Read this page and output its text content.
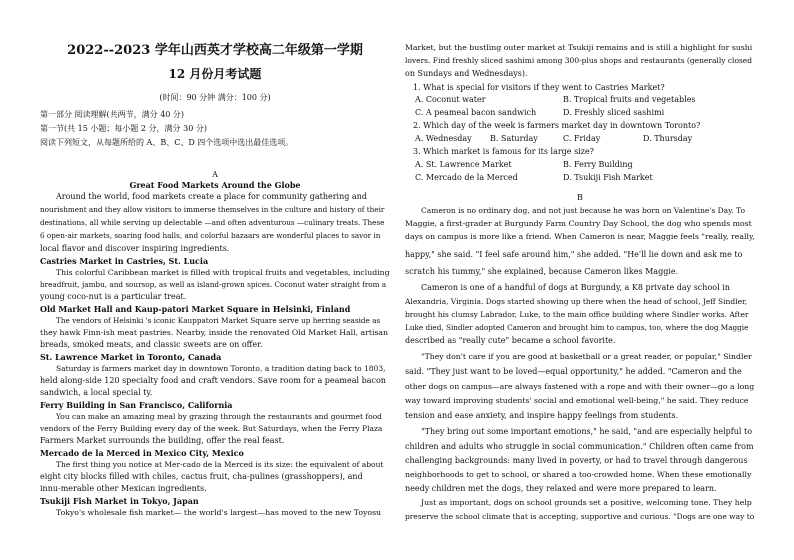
2022--2023 学年山西英才学校高二年级第一学期
12 月份月考试题
(时间：90 分钟 满分：100 分)
第一部分 阅读理解(共两节，满分 40 分)
第一节(共 15 小题；每小题 2 分，满分 30 分)
阅读下列短文，从每题所给的 A、B、C、D 四个选项中选出最佳选项。
A
Great Food Markets Around the Globe
Around the world, food markets create a place for community gathering and
nourishment and they allow visitors to immerse themselves in the culture and history of their
destinations, all while serving up delectable —and often adventurous —culinary treats. These
6 open-air markets, soaring food halls, and colorful bazaars are wonderful places to savor in
local flavor and discover inspiring ingredients.
Castries Market in Castries, St. Lucia
This colorful Caribbean market is filled with tropical fruits and vegetables, including
breadfruit, jambu, and soursop, as well as island-grown spices. Coconut water straight from a
young coco-nut is a particular treat.
Old Market Hall and Kaup-patori Market Square in Helsinki, Finland
The vendors of Helsinki 's iconic Kauppatori Market Square serve up herring seaside as
they hawk Finn-ish meat pastries. Nearby, inside the renovated Old Market Hall, artisan
breads, smoked meats, and classic sweets are on offer.
St. Lawrence Market in Toronto, Canada
Saturday is farmers market day in downtown Toronto, a tradition dating back to 1803,
held along-side 120 specialty food and craft vendors. Save room for a peameal bacon
sandwich, a local special ty.
Ferry Building in San Francisco, California
You can make an amazing meal by grazing through the restaurants and gourmet food
vendors of the Ferry Building every day of the week. But Saturdays, when the Ferry Plaza
Farmers Market surrounds the building, offer the real feast.
Mercado de la Merced in Mexico City, Mexico
The first thing you notice at Mer-cado de la Merced is its size: the equivalent of about
eight city blocks filled with chiles, cactus fruit, cha-pulines (grasshoppers), and
innu-merable other Mexican ingredients.
Tsukiji Fish Market in Tokyo, Japan
Tokyo's wholesale fish market— the world's largest—has moved to the new Toyosu
Market, but the bustling outer market at Tsukiji remains and is still a highlight for sushi
lovers. Find freshly sliced sashimi among 300-plus shops and restaurants (generally closed
on Sundays and Wednesdays).
1. What is special for visitors if they went to Castries Market?
A. Coconut water	B. Tropical fruits and vegetables
C. A peameal bacon sandwich	D. Freshly sliced sashimi
2. Which day of the week is farmers market day in downtown Toronto?
A. Wednesday B. Saturday	C. Friday	D. Thursday
3. Which market is famous for its large size?
A. St. Lawrence Market	B. Ferry Building
C. Mercado de la Merced	D. Tsukiji Fish Market
B
Cameron is no ordinary dog, and not just because he was born on Valentine's Day. To
Maggie, a first-grader at Burgundy Farm Country Day School, the dog who spends most
days on campus is more like a friend. When Cameron is near, Maggie feels "really, really,
happy," she said. "I feel safe around him," she added. "He'll lie down and ask me to
scratch his tummy," she explained, because Cameron likes Maggie.
Cameron is one of a handful of dogs at Burgundy, a K8 private day school in
Alexandria, Virginia. Dogs started showing up there when the head of school, Jeff Sindler,
brought his clumsy Labrador, Luke, to the main office building where Sindler works. After
Luke died, Sindler adopted Cameron and brought him to campus, too, where the dog Maggie
described as "really cute" became a school favorite.
"They don't care if you are good at basketball or a great reader, or popular," Sindler
said. "They just want to be loved—equal opportunity," he added. "Cameron and the
other dogs on campus—are always fastened with a rope and with their owner—go a long
way toward improving students' social and emotional well-being," he said. They reduce
tension and ease anxiety, and inspire happy feelings from students.
"They bring out some important emotions," he said, "and are especially helpful to
children and adults who struggle in social communication." Children often came from
challenging backgrounds: many lived in poverty, or had to travel through dangerous
neighborhoods to get to school, or shared a too-crowded home. When these emotionally
needy children met the dogs, they relaxed and were more prepared to learn.
Just as important, dogs on school grounds set a positive, welcoming tone. They help
preserve the school climate that is accepting, supportive and curious. "Dogs are one way to
